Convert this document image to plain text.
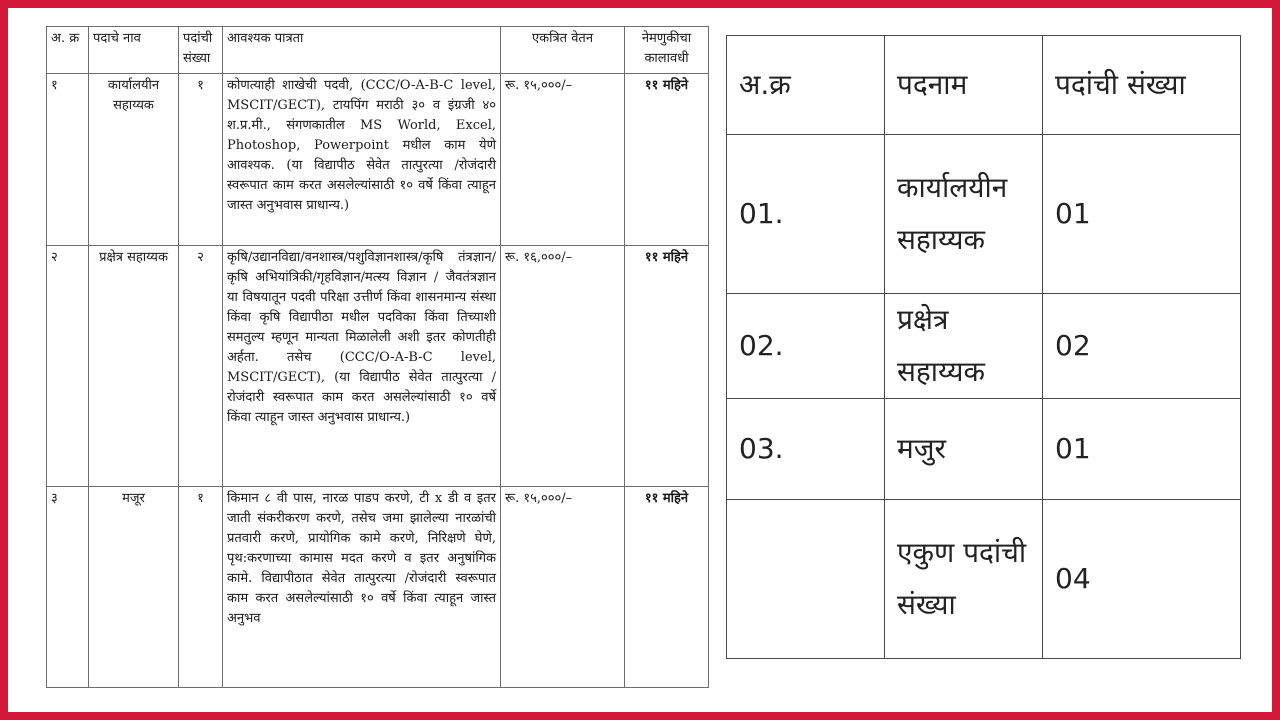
अ. क्र	पदाचे नाव	पदांची संख्या	आवश्यक पात्रता	एकत्रित वेतन	नेमणुकीचा कालावधी
१	कार्यालयीन सहाय्यक	१	कोणत्याही शाखेची पदवी, (CCC/O-A-B-C level, MSCIT/GECT), टायपिंग मराठी ३० व इंग्रजी ४० श.प्र.मी., संगणकातील MS World, Excel, Photoshop, Powerpoint मधील काम येणे आवश्यक. (या विद्यापीठ सेवेत तात्पुरत्या /रोजंदारी स्वरूपात काम करत असलेल्यांसाठी १० वर्षे किंवा त्याहून जास्त अनुभवास प्राधान्य.)	रू. १५,०००/–	११ महिने
२	प्रक्षेत्र सहाय्यक	२	कृषि/उद्यानविद्या/वनशास्त्र/पशुविज्ञानशास्त्र/कृषि तंत्रज्ञान/कृषि अभियांत्रिकी/गृहविज्ञान/मत्स्य विज्ञान / जैवतंत्रज्ञान या विषयातून पदवी परिक्षा उत्तीर्ण किंवा शासनमान्य संस्था किंवा कृषि विद्यापीठा मधील पदविका किंवा तिच्याशी समतुल्य म्हणून मान्यता मिळालेली अशी इतर कोणतीही अर्हता. तसेच (CCC/O-A-B-C level, MSCIT/GECT), (या विद्यापीठ सेवेत तात्पुरत्या /रोजंदारी स्वरूपात काम करत असलेल्यांसाठी १० वर्षे किंवा त्याहून जास्त अनुभवास प्राधान्य.)	रू. १६,०००/–	११ महिने
३	मजूर	१	किमान ८ वी पास, नारळ पाडप करणे, टी x डी व इतर जाती संकरीकरण करणे, तसेच जमा झालेल्या नारळांची प्रतवारी करणे, प्रायोगिक कामे करणे, निरिक्षणे घेणे, पृथ:करणाच्या कामास मदत करणे व इतर अनुषांगिक कामे. विद्यापीठात सेवेत तात्पुरत्या /रोजंदारी स्वरूपात काम करत असलेल्यांसाठी १० वर्षे किंवा त्याहून जास्त अनुभव	रू. १५,०००/–	११ महिने
अ.क्र	पदनाम	पदांची संख्या
01.	कार्यालयीन सहाय्यक	01
02.	प्रक्षेत्र सहाय्यक	02
03.	मजुर	01
	एकुण पदांची संख्या	04
